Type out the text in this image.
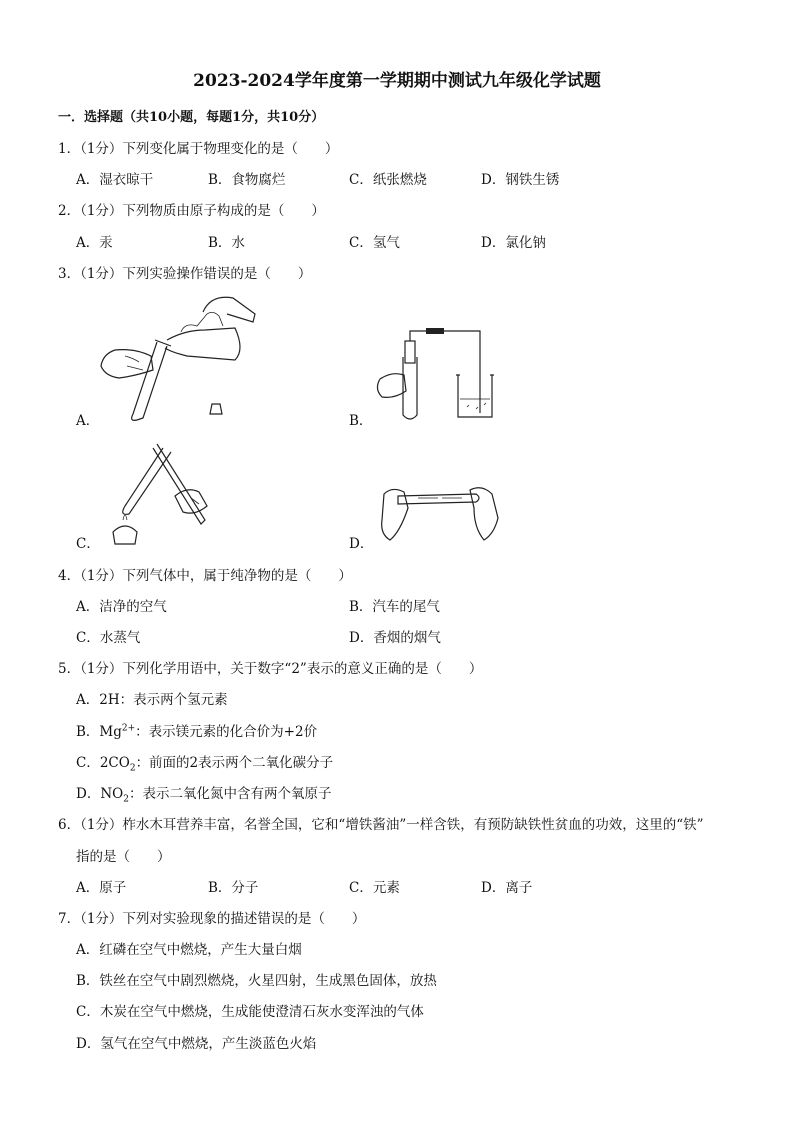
2023-2024学年度第一学期期中测试九年级化学试题
一．选择题（共10小题，每题1分，共10分）
1．（1分）下列变化属于物理变化的是（　　）
A．湿衣晾干	B．食物腐烂	C．纸张燃烧	D．钢铁生锈
2．（1分）下列物质由原子构成的是（　　）
A．汞	B．水	C．氢气	D．氯化钠
3．（1分）下列实验操作错误的是（　　）
A．	B．
C．	D．
4．（1分）下列气体中，属于纯净物的是（　　）
A．洁净的空气	B．汽车的尾气
C．水蒸气	D．香烟的烟气
5．（1分）下列化学用语中，关于数字“2”表示的意义正确的是（　　）
A．2H：表示两个氢元素
B．$Mg^{2+}$：表示镁元素的化合价为+2价
C．$2CO_2$：前面的2表示两个二氧化碳分子
D．$NO_2$：表示二氧化氮中含有两个氧原子
6．（1分）柞水木耳营养丰富，名誉全国，它和“增铁酱油”一样含铁，有预防缺铁性贫血的功效，这里的“铁”
指的是（　　）
A．原子	B．分子	C．元素	D．离子
7．（1分）下列对实验现象的描述错误的是（　　）
A．红磷在空气中燃烧，产生大量白烟
B．铁丝在空气中剧烈燃烧，火星四射，生成黑色固体，放热
C．木炭在空气中燃烧，生成能使澄清石灰水变浑浊的气体
D．氢气在空气中燃烧，产生淡蓝色火焰
